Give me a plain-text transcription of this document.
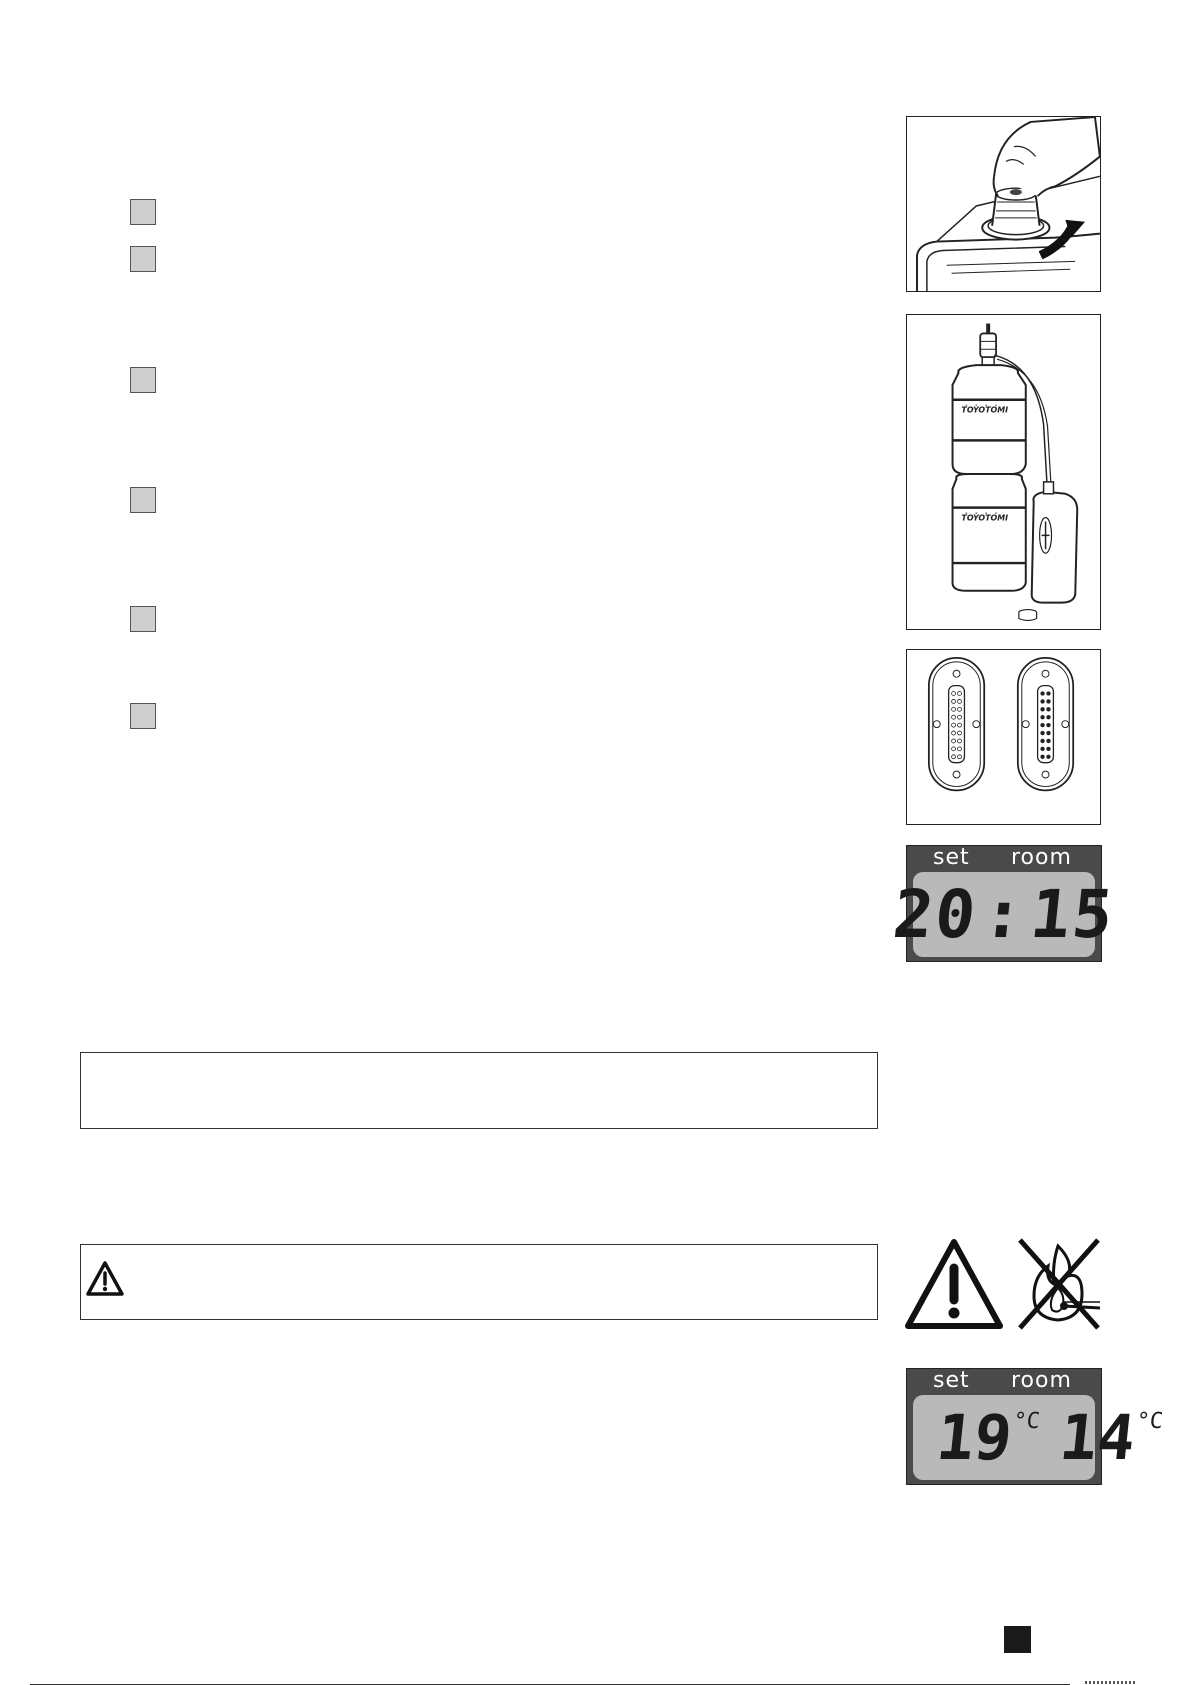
TOYOTOMI
TOYOTOMI
set room
20
:
15
set room
19
°C 14
°C
